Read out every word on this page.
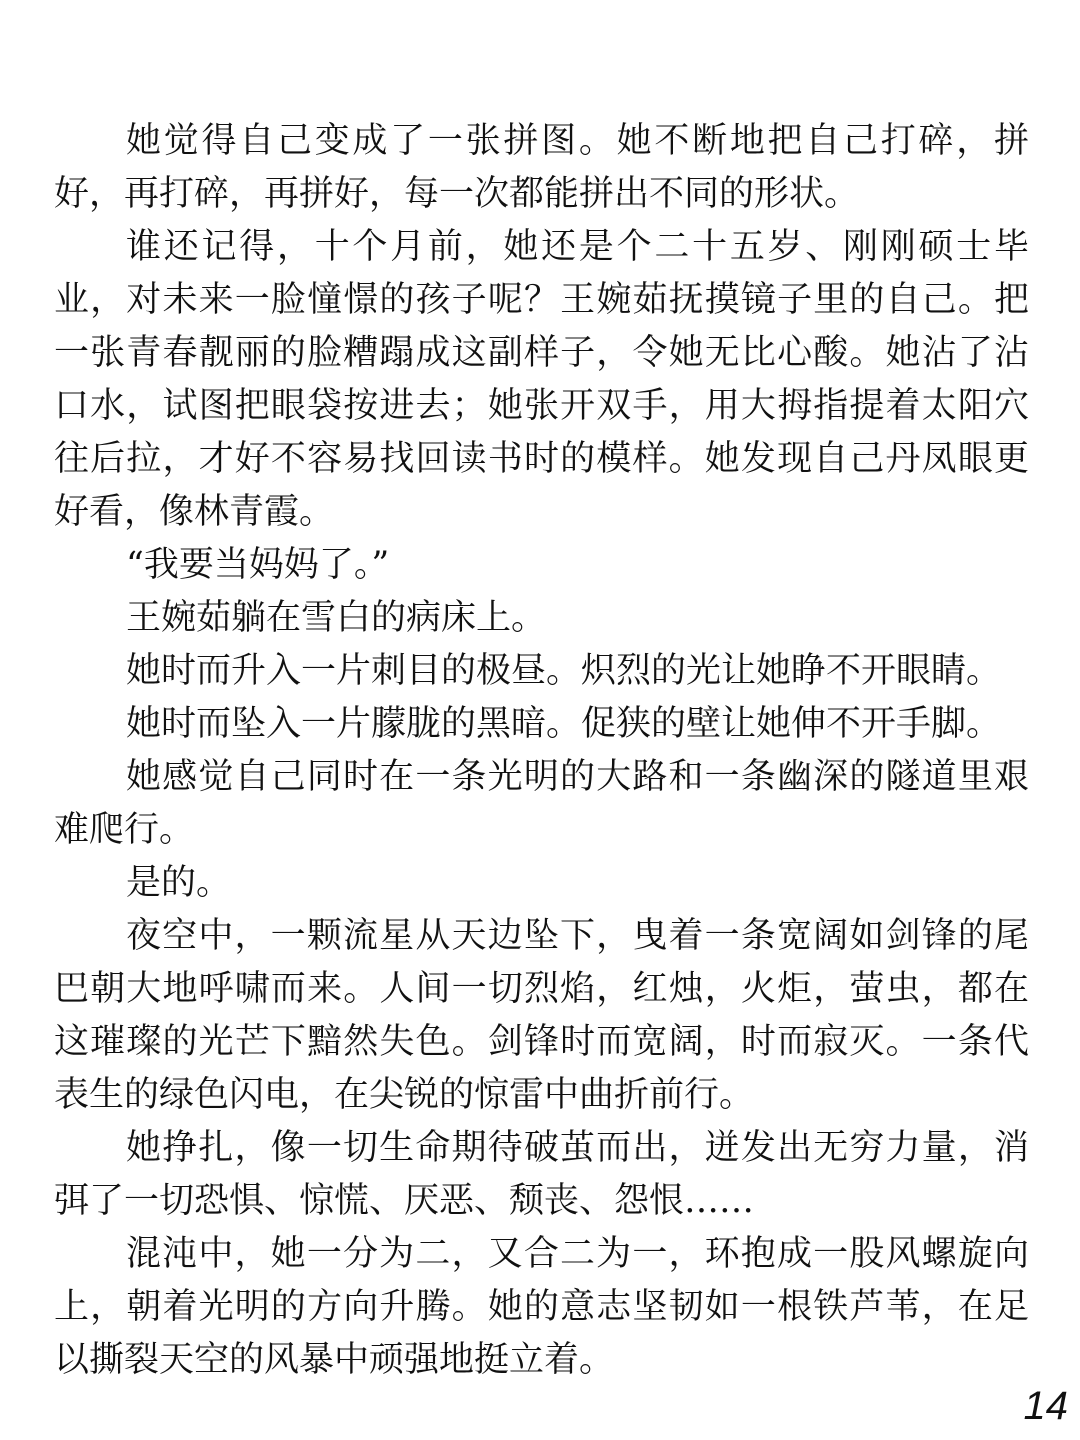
她觉得自己变成了一张拼图。她不断地把自己打碎，拼好，再打碎，再拼好，每一次都能拼出不同的形状。

谁还记得，十个月前，她还是个二十五岁、刚刚硕士毕业，对未来一脸憧憬的孩子呢？王婉茹抚摸镜子里的自己。把一张青春靓丽的脸糟蹋成这副样子，令她无比心酸。她沾了沾口水，试图把眼袋按进去；她张开双手，用大拇指提着太阳穴往后拉，才好不容易找回读书时的模样。她发现自己丹凤眼更好看，像林青霞。

“我要当妈妈了。”

王婉茹躺在雪白的病床上。

她时而升入一片刺目的极昼。炽烈的光让她睁不开眼睛。

她时而坠入一片朦胧的黑暗。促狭的壁让她伸不开手脚。

她感觉自己同时在一条光明的大路和一条幽深的隧道里艰难爬行。

是的。

夜空中，一颗流星从天边坠下，曳着一条宽阔如剑锋的尾巴朝大地呼啸而来。人间一切烈焰，红烛，火炬，萤虫，都在这璀璨的光芒下黯然失色。剑锋时而宽阔，时而寂灭。一条代表生的绿色闪电，在尖锐的惊雷中曲折前行。

她挣扎，像一切生命期待破茧而出，迸发出无穷力量，消弭了一切恐惧、惊慌、厌恶、颓丧、怨恨……

混沌中，她一分为二，又合二为一，环抱成一股风螺旋向上，朝着光明的方向升腾。她的意志坚韧如一根铁芦苇，在足以撕裂天空的风暴中顽强地挺立着。

14
